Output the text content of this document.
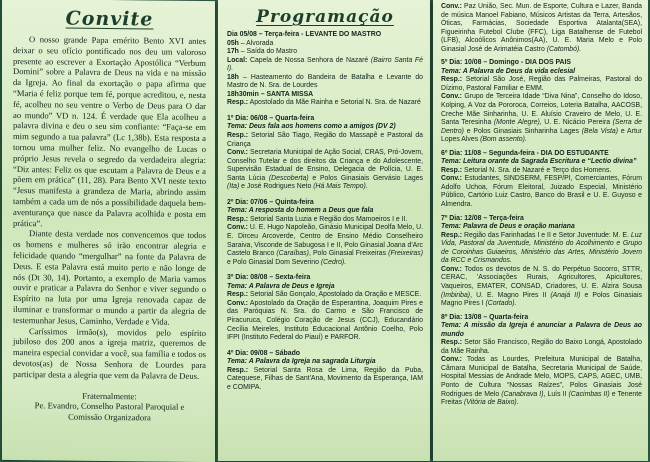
Convite

O nosso grande Papa emérito Bento XVI antes deixar o seu ofício pontificado nos deu um valoroso presente ao escrever a Exortação Apostólica “Verbum Domini” sobre a Palavra de Deus na vida e na missão da Igreja. Ao final da exortação o papa afirma que “Maria é feliz porque tem fé, porque acreditou, e, nesta fé, acolheu no seu ventre o Verbo de Deus para O dar ao mundo” VD n. 124. É verdade que Ela acolheu a palavra divina e deu o seu sim confiante: “Faça-se em mim segundo a tua palavra” (Lc 1,38b). Esta resposta a tornou uma mulher feliz. No evangelho de Lucas o próprio Jesus revela o segredo da verdadeira alegria: “Diz antes: Feliz os que escutam a Palavra de Deus e a põem em prática” (11, 28). Para Bento XVI neste texto “Jesus manifesta a grandeza de Maria, abrindo assim também a cada um de nós a possibilidade daquela bem-aventurança que nasce da Palavra acolhida e posta em prática”.

Diante desta verdade nos convencemos que todos os homens e mulheres só irão encontrar alegria e felicidade quando “mergulhar” na fonte da Palavra de Deus. E esta Palavra está muito perto e não longe de nós (Dt 30, 14). Portanto, a exemplo de Maria vamos ouvir e praticar a Palavra do Senhor e viver segundo o Espírito na luta por uma Igreja renovada capaz de iluminar e transformar o mundo a partir da alegria de testemunhar Jesus, Caminho, Verdade e Vida.

Caríssimos irmão(s), movidos pelo espírito jubiloso dos 200 anos a igreja matriz, queremos de maneira especial convidar a você, sua família e todos os devotos(as) de Nossa Senhora de Lourdes para participar desta a alegria que vem da Palavra de Deus.

Fraternalmente:

Pe. Evandro, Conselho Pastoral Paroquial e

Comissão Organizadora

Programação

Dia 05/08 – Terça-feira - LEVANTE DO MASTRO

05h – Alvorada

17h – Saída do Mastro

Local: Capela de Nossa Senhora de Nazaré (Bairro Santa Fé I).

18h – Hasteamento do Bandeira de Batalha e Levante do Mastro de N. Sra. de Lourdes

18h30min – SANTA MISSA

Resp.: Apostolado da Mãe Rainha e Setorial N. Sra. de Nazaré

1º Dia: 06/08 – Quarta-feira

Tema: Deus fala aos homens como a amigos (DV 2)

Resp.: Setorial São Tiago, Região do Massapê e Pastoral da Criança

Conv.: Secretaria Municipal de Ação Social, CRAS, Pró-Jovem, Conselho Tutelar e dos direitos da Criança e do Adolescente, Supervisão Estadual de Ensino, Delegacia de Polícia, U. E. Santa Lúcia (Descoberta) e Polos Ginasiais Gervásio Lages (Ita) e José Rodrigues Neto (Há Mais Tempo).

2º Dia: 07/06 – Quinta-feira

Tema: A resposta do homem a Deus que fala

Resp.: Setorial Santa Luzia e Região dos Mamoeiros I e II.

Conv.: U. E. Hugo Napoleão, Ginásio Municipal Deolfa Melo, U. E. Dirceu Arcoverde, Centro de Ensino Médio Conselheiro Saraiva, Visconde de Sabugosa I e II, Polo Ginasial Joana d'Arc Castelo Branco (Caraíbas), Polo Ginasial Freixeiras (Freixeiras) e Polo Ginasial Dom Severino (Cedro).

3º Dia: 08/08 – Sexta-feira

Tema: A Palavra de Deus e Igreja

Resp.: Setorial São Gonçalo, Apostolado da Oração e MESCE.

Conv.: Apostolado da Oração de Esperantina, Joaquim Pires e das Paróquias N. Sra. do Carmo e São Francisco de Piracuruca, Colégio Coração de Jesus (CCJ), Educandário Cecília Meireles, Instituto Educacional Antônio Coelho, Polo IFPI (Instituto Federal do Piauí) e PARFOR.

4º Dia: 09/08 – Sábado

Tema: A Palavra da Igreja na sagrada Liturgia

Resp.: Setorial Santa Rosa de Lima, Região da Puba, Catequese, Filhas de Sant'Ana, Movimento da Esperança, IAM e COMIPA.

Conv.: Paz União, Sec. Mun. de Esporte, Cultura e Lazer, Banda de música Manoel Fabiano, Músicos Artistas da Terra, Artesãos, Óticas, Farmácias, Sociedade Esportiva Atalanta(SEA), Figueirinha Futebol Clube (FFC), Liga Batalhense de Futebol (LFB), Alcoólicos Anônimos(AA), U. E. Maria Melo e Polo Ginasial José de Arimatéia Castro (Catombó).

5º Dia: 10/08 – Domingo - DIA DOS PAIS

Tema: A Palavra de Deus da vida eclesial

Resp.: Setorial São José, Região das Palmeiras, Pastoral do Dízimo, Pastoral Familiar e EMM.

Conv.: Grupo de Terceira Idade “Diva Nina”, Conselho do Idoso, Kolping, A Voz da Pororoca, Correios, Loteria Batalha, AACOSB, Creche Mãe Sinharinha, U. E. Aluísio Craveiro de Melo, U. E. Santa Teresinha (Monte Alegre), U. E. Nicácio Pereira (Serra de Dentro) e Polos Ginasiais Sinharinha Lages (Bela Vista) e Artur Lopes Alves (Bom assento).

6º Dia: 11/08 – Segunda-feira - DIA DO ESTUDANTE

Tema: Leitura orante da Sagrada Escritura e “Lectio divina”

Resp.: Setorial N. Sra. de Nazaré e Terço dos Homens.

Conv.: Estudantes, SINDSERM, FESP/PI, Comerciantes, Fórum Adolfo Uchoa, Fórum Eleitoral, Juizado Especial, Ministério Público, Cartório Luiz Castro, Banco do Brasil e U. E. Guyoso e Almendra.

7º Dia: 12/08 – Terça-feira

Tema: Palavra de Deus e oração mariana

Resp.: Região das Farinhadas I e II e Setor Juventude: M. E. Luz Vida, Pastoral da Juventude, Ministério do Acolhimento e Grupo de Coroinhas Guiaeiros, Ministério das Artes, Ministério Jovem da RCC e Crismandos.

Conv.: Todos os devotos de N. S. do Perpétuo Socorro, STTR, CERAC, 'Associações Rurais, Agricultores, Apicultores, Vaqueiros, EMATER, CONSAD, Criadores, U. E. Alzira Sousa (Imbiriba), U. E. Magno Pires II (Anajá II) e Polos Ginasiais Magno Pires I (Cortado).

8º Dia: 13/08 – Quarta-feira

Tema: A missão da Igreja é anunciar a Palavra de Deus ao mundo

Resp.: Setor São Francisco, Região do Baixo Longá, Apostolado da Mãe Rainha.

Conv.: Todas as Lourdes, Prefeitura Municipal de Batalha, Câmara Municipal de Batalha, Secretaria Municipal de Saúde, Hospital Messias de Andrade Melo, MOPS, CAPS, AGEC, UMB, Ponto de Cultura “Nossas Raízes”, Polos Ginasiais José Rodrigues de Melo (Canabrava I), Luís II (Cacimbas II) e Tenente Freitas (Vitória de Baixo).
